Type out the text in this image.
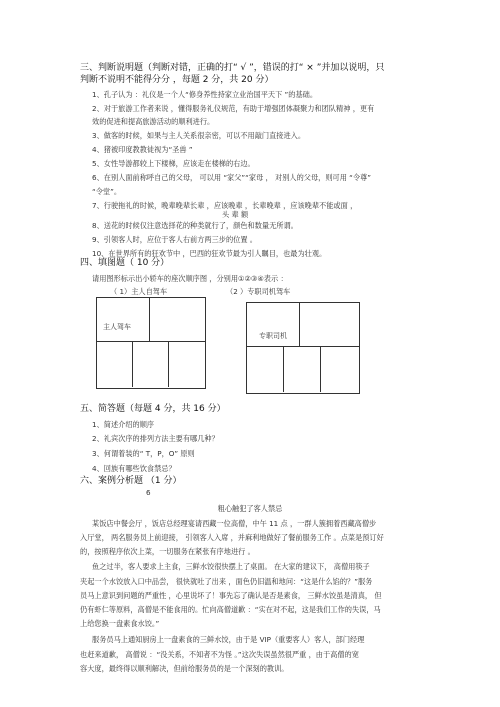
三、判断说明题（判断对错，正确的打“ √ ”，错误的打“ × ”并加以说明，只
判断不说明不能得分分 ，每题 2 分，共 20 分）
1、孔子认为 ：礼仪是一个人“修身养性持家立业治国平天下 ”的基础。
2、对于旅游工作者来说 ，懂得服务礼仪规范，有助于增强团体凝聚力和团队精神 ，更有
效的促进和提高旅游活动的顺利进行。
3、做客的时候，如果与主人关系很亲密，可以不用敲门直接进入。
4、猪被印度教教徒视为“圣兽 ”
5、女性导游都较上下楼梯，应该走在楼梯的右边。
6、在别人面前称呼自己的父母， 可以用 “家父”“家母 ， 对别人的父母，则可用 “令尊”
“令堂”。
7、行驶拖礼的时候，晚辈晚辈长辈 ，应该晚辈 ，长辈晚辈 ，应该晚辈不能或面 ，
头 辈 额
8、送花的时候仅注意选择花的种类就行了，颜色和数量无所谓。
9、引领客人时，应位于客人右前方两三步的位置 。
10、在世界所有的狂欢节中 ，巴西的狂欢节最为引人瞩目，也最为壮观。
四、填图题（ 10 分）
请用图形标示出小轿车的座次顺序图 ，分别用①②③④表示 ：
（ 1）主人自驾车	（2 ）专职司机驾车
主人驾车
专职司机
五、简答题（每题 4 分，共 16 分）
1、简述介绍的顺序
2、礼宾次序的排列方法主要有哪几种？
3、何谓着装的“ T，P，O” 原则
4、回族有哪些饮食禁忌？
六、案例分析题 （1 分）
6
粗心触犯了客人禁忌
某饭店中餐会厅 ，饭店总经理宴请西藏一位高僧，中午 11 点 ，一群人簇拥着西藏高僧步
入厅堂， 两名服务员上前迎接， 引领客人入席 ，并麻利地做好了餐前服务工作 。点菜是预订好
的，按照程序依次上菜，一切服务在紧张有序地进行 。
鱼之过半，客人要求上主食，三鲜水饺很快摆上了桌面。 在大家的建议下， 高僧用筷子
夹起一个水饺放入口中品尝， 很快就吐了出来 ，面色仍旧温和地问：“这是什么馅的？”服务
员马上意识到问题的严重性 ，心里说坏了！事先忘了确认是否是素食， 三鲜水饺虽是清真， 但
仍有虾仁等原料，高僧是不能食用的。忙向高僧道歉 ：“实在对不起，这是我们工作的失误，马
上给您换一盘素食水饺。”
服务员马上通知厨房上一盘素食的三鲜水饺，由于是 VIP（重要客人）客人，部门经理
也赶来道歉， 高僧说 ：“没关系，不知者不为怪 。”这次失误虽然很严重 ，由于高僧的宽
容大度，最终得以顺利解决，但前给服务员的是一个深刻的教训。
